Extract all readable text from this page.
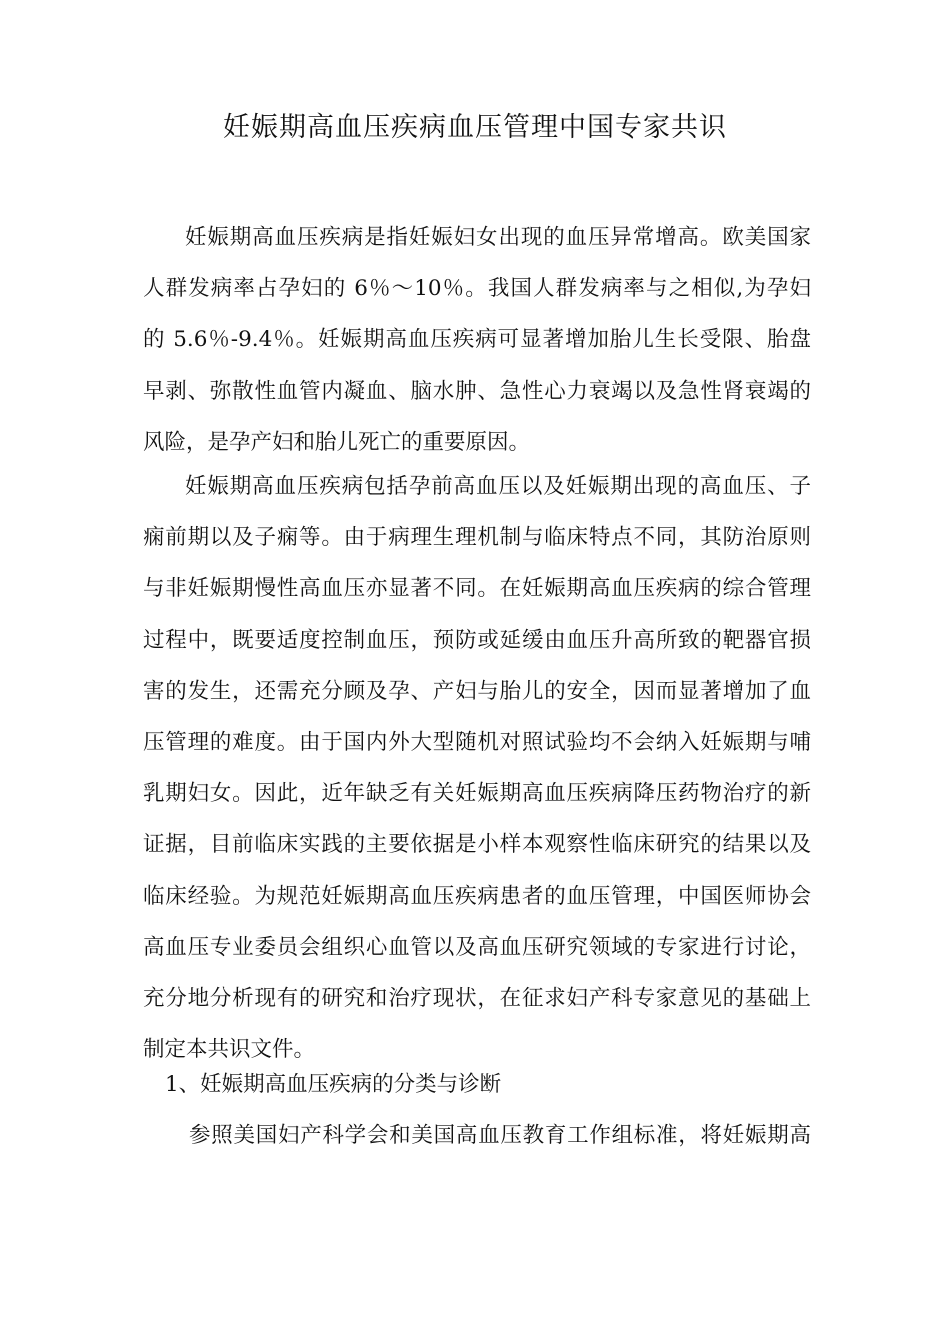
妊娠期高血压疾病血压管理中国专家共识
妊娠期高血压疾病是指妊娠妇女出现的血压异常增高。欧美国家
人群发病率占孕妇的 6％～10％。我国人群发病率与之相似,为孕妇
的 5.6％-9.4％。妊娠期高血压疾病可显著增加胎儿生长受限、胎盘
早剥、弥散性血管内凝血、脑水肿、急性心力衰竭以及急性肾衰竭的
风险，是孕产妇和胎儿死亡的重要原因。
妊娠期高血压疾病包括孕前高血压以及妊娠期出现的高血压、子
痫前期以及子痫等。由于病理生理机制与临床特点不同，其防治原则
与非妊娠期慢性高血压亦显著不同。在妊娠期高血压疾病的综合管理
过程中，既要适度控制血压，预防或延缓由血压升高所致的靶器官损
害的发生，还需充分顾及孕、产妇与胎儿的安全，因而显著增加了血
压管理的难度。由于国内外大型随机对照试验均不会纳入妊娠期与哺
乳期妇女。因此，近年缺乏有关妊娠期高血压疾病降压药物治疗的新
证据，目前临床实践的主要依据是小样本观察性临床研究的结果以及
临床经验。为规范妊娠期高血压疾病患者的血压管理，中国医师协会
高血压专业委员会组织心血管以及高血压研究领域的专家进行讨论，
充分地分析现有的研究和治疗现状，在征求妇产科专家意见的基础上
制定本共识文件。
1、妊娠期高血压疾病的分类与诊断
参照美国妇产科学会和美国高血压教育工作组标准，将妊娠期高
